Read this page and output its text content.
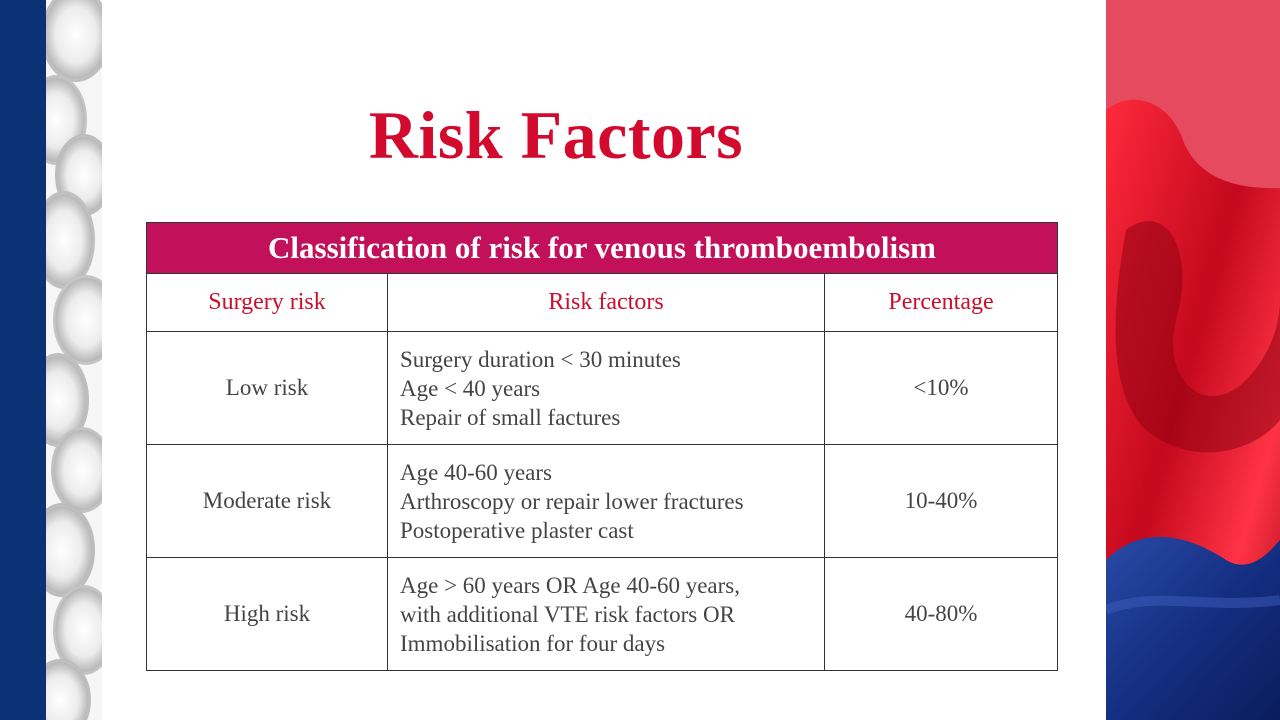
Risk Factors
Classification of risk for venous thromboembolism		
Surgery risk	Risk factors	Percentage
Low risk	Surgery duration < 30 minutes
Age < 40 years
Repair of small factures	<10%
Moderate risk	Age 40-60 years
Arthroscopy or repair lower fractures
Postoperative plaster cast	10-40%
High risk	Age > 60 years OR Age 40-60 years,
with additional VTE risk factors OR
Immobilisation for four days	40-80%
